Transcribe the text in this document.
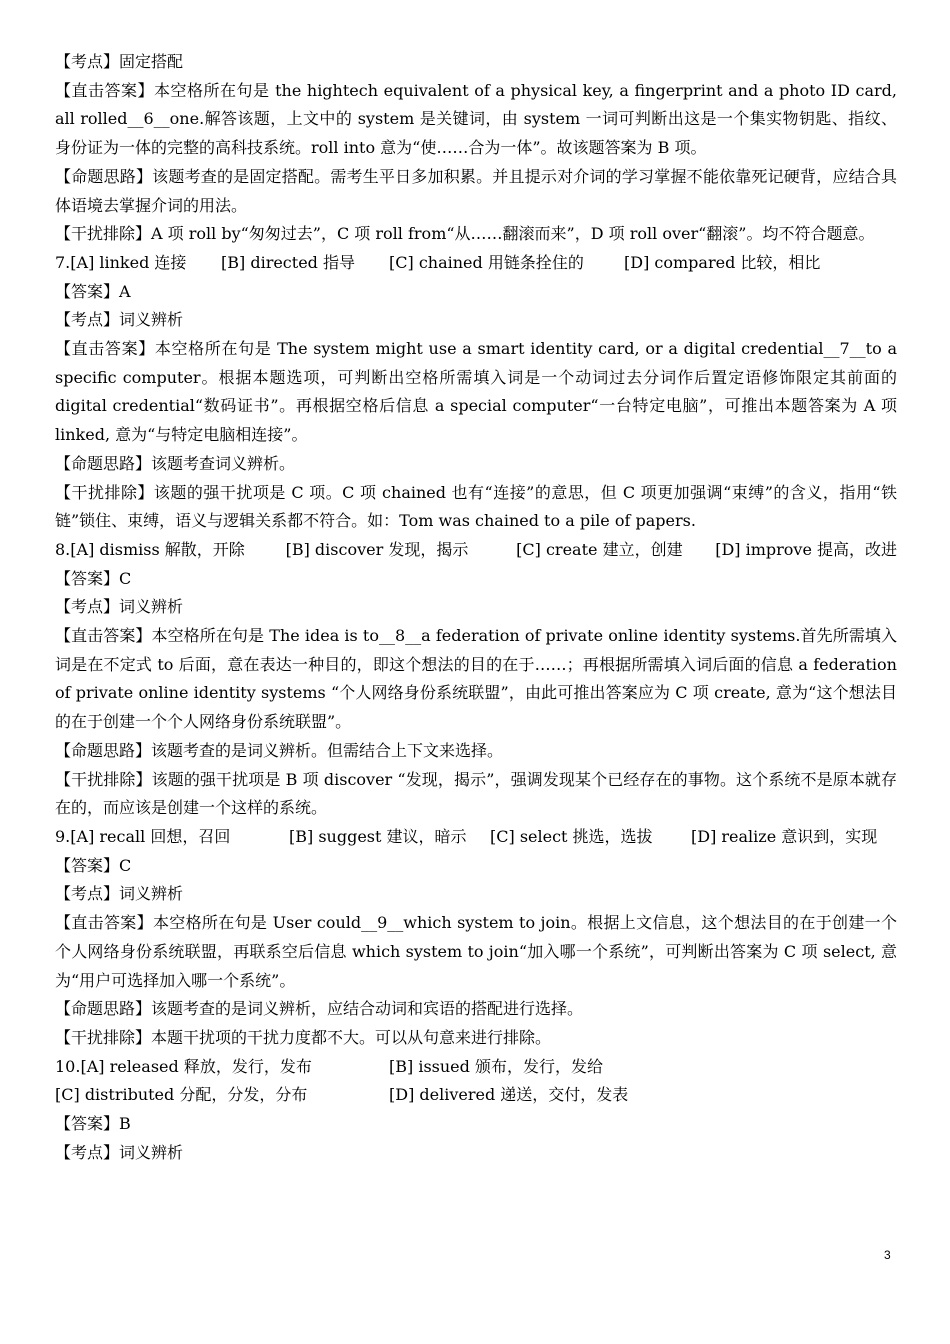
【考点】固定搭配

【直击答案】本空格所在句是 the hightech equivalent of a physical key, a fingerprint and a photo ID card, all rolled__6__one.解答该题，上文中的 system 是关键词，由 system 一词可判断出这是一个集实物钥匙、指纹、身份证为一体的完整的高科技系统。roll into 意为“使……合为一体”。故该题答案为 B 项。

【命题思路】该题考查的是固定搭配。需考生平日多加积累。并且提示对介词的学习掌握不能依靠死记硬背，应结合具体语境去掌握介词的用法。

【干扰排除】A 项 roll by“匆匆过去”，C 项 roll from“从……翻滚而来”，D 项 roll over“翻滚”。均不符合题意。

7.[A] linked 连接	[B] directed 指导	[C] chained 用链条拴住的	[D] compared 比较，相比

【答案】A

【考点】词义辨析

【直击答案】本空格所在句是 The system might use a smart identity card, or a digital credential__7__to a specific computer。根据本题选项，可判断出空格所需填入词是一个动词过去分词作后置定语修饰限定其前面的 digital credential“数码证书”。再根据空格后信息 a special computer“一台特定电脑”，可推出本题答案为 A 项 linked, 意为“与特定电脑相连接”。

【命题思路】该题考查词义辨析。

【干扰排除】该题的强干扰项是 C 项。C 项 chained 也有“连接”的意思，但 C 项更加强调“束缚”的含义，指用“铁链”锁住、束缚，语义与逻辑关系都不符合。如：Tom was chained to a pile of papers.

8.[A] dismiss 解散，开除	[B] discover 发现，揭示	[C] create 建立，创建	[D] improve 提高，改进

【答案】C

【考点】词义辨析

【直击答案】本空格所在句是 The idea is to__8__a federation of private online identity systems.首先所需填入词是在不定式 to 后面，意在表达一种目的，即这个想法的目的在于……；再根据所需填入词后面的信息 a federation of private online identity systems “个人网络身份系统联盟”，由此可推出答案应为 C 项 create, 意为“这个想法目的在于创建一个个人网络身份系统联盟”。

【命题思路】该题考查的是词义辨析。但需结合上下文来选择。

【干扰排除】该题的强干扰项是 B 项 discover “发现，揭示”，强调发现某个已经存在的事物。这个系统不是原本就存在的，而应该是创建一个这样的系统。

9.[A] recall 回想，召回	[B] suggest 建议，暗示	[C] select 挑选，选拔	[D] realize 意识到，实现

【答案】C

【考点】词义辨析

【直击答案】本空格所在句是 User could__9__which system to join。根据上文信息，这个想法目的在于创建一个个人网络身份系统联盟，再联系空后信息 which system to join“加入哪一个系统”，可判断出答案为 C 项 select, 意为“用户可选择加入哪一个系统”。

【命题思路】该题考查的是词义辨析，应结合动词和宾语的搭配进行选择。

【干扰排除】本题干扰项的干扰力度都不大。可以从句意来进行排除。

10.[A] released 释放，发行，发布	[B] issued 颁布，发行，发给
[C] distributed 分配，分发，分布	[D] delivered 递送，交付，发表

【答案】B

【考点】词义辨析

3
